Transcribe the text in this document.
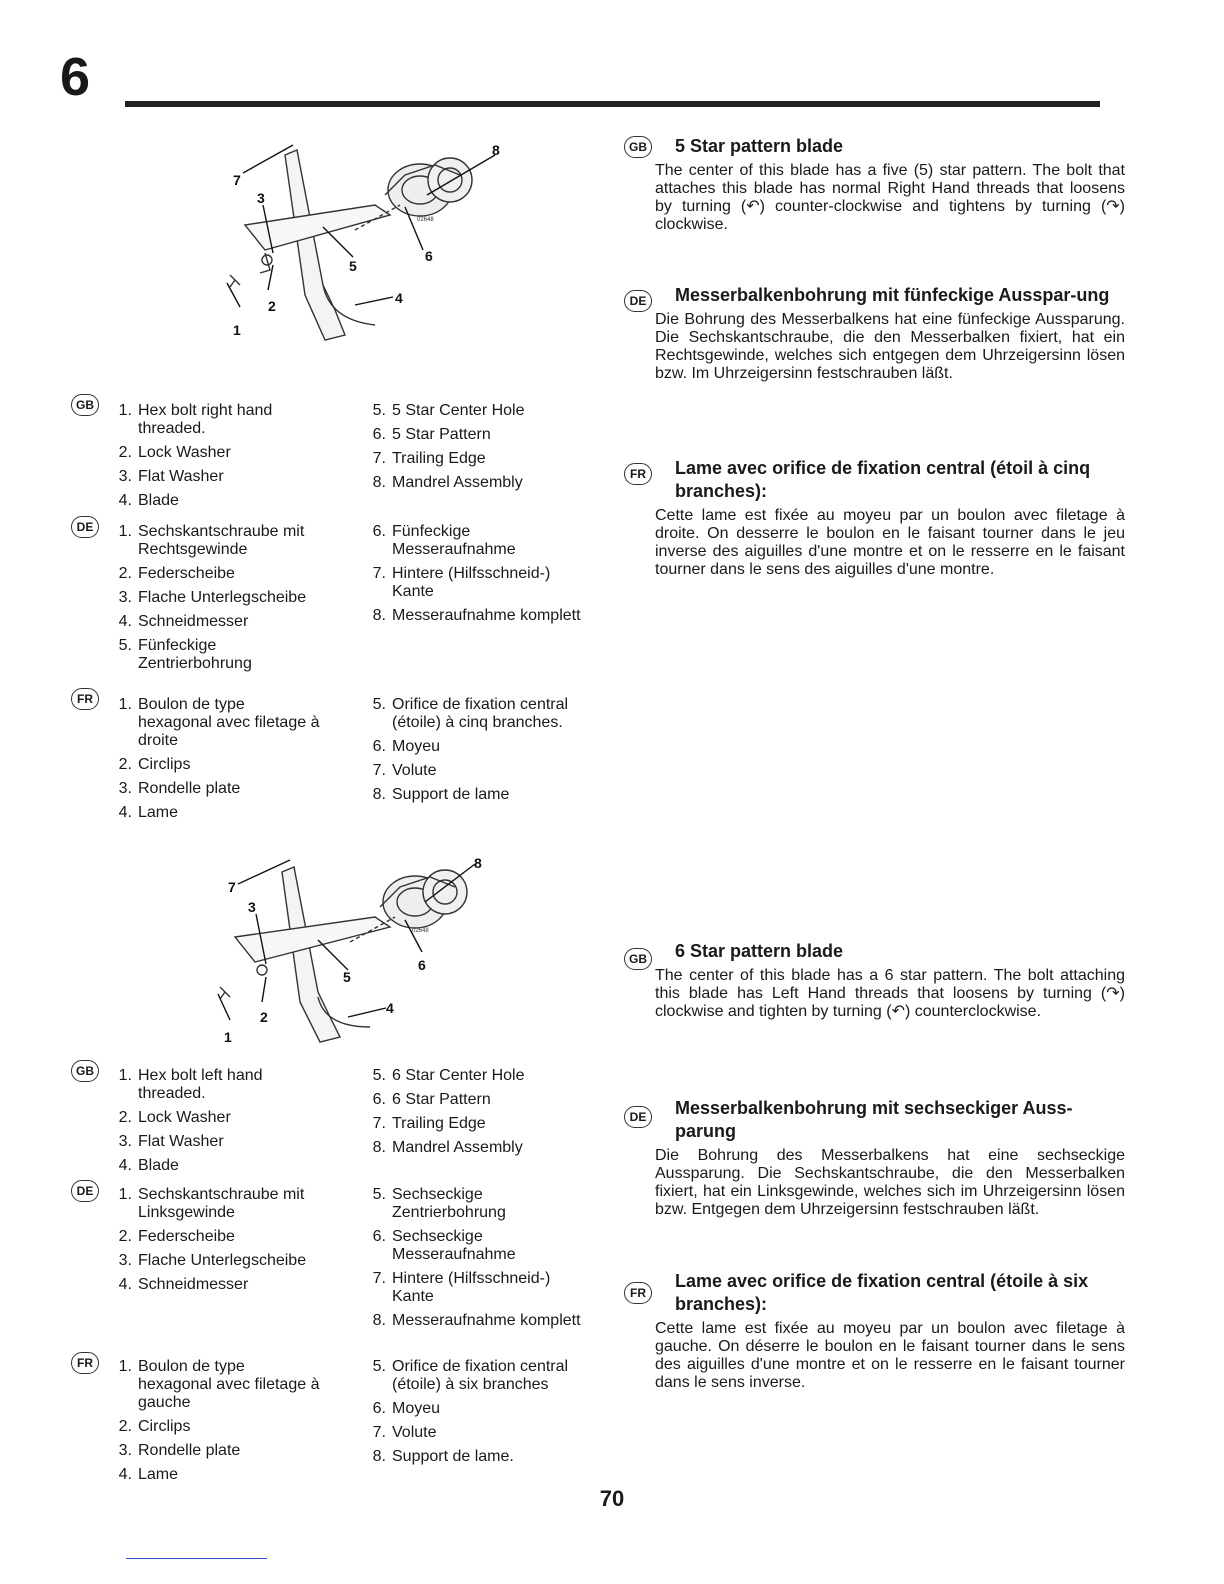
6
7
3
8
6
5
4
2
1
02648
7
3
8
6
5
4
2
1
02648
GB
DE
FR
GB
DE
FR
1. Hex bolt right hand threaded.
2. Lock Washer
3. Flat Washer
4. Blade
5. 5 Star Center Hole
6. 5 Star Pattern
7. Trailing Edge
8. Mandrel Assembly
1. Sechskantschraube mit Rechtsgewinde
2. Federscheibe
3. Flache Unterlegscheibe
4. Schneidmesser
5. Fünfeckige Zentrierbohrung
6. Fünfeckige Messeraufnahme
7. Hintere (Hilfsschneid-) Kante
8. Messeraufnahme komplett
1. Boulon de type hexagonal avec filetage à droite
2. Circlips
3. Rondelle plate
4. Lame
5. Orifice de fixation central (étoile) à cinq branches.
6. Moyeu
7. Volute
8. Support de lame
1. Hex bolt left hand threaded.
2. Lock Washer
3. Flat Washer
4. Blade
5. 6 Star Center Hole
6. 6 Star Pattern
7. Trailing Edge
8. Mandrel Assembly
1. Sechskantschraube mit Linksgewinde
2. Federscheibe
3. Flache Unterlegscheibe
4. Schneidmesser
5. Sechseckige Zentrierbohrung
6. Sechseckige Messeraufnahme
7. Hintere (Hilfsschneid-) Kante
8. Messeraufnahme komplett
1. Boulon de type hexagonal avec filetage à gauche
2. Circlips
3. Rondelle plate
4. Lame
5. Orifice de fixation central (étoile) à six branches
6. Moyeu
7. Volute
8. Support de lame.
GB	5 Star pattern blade

The center of this blade has a five (5) star pattern. The bolt that attaches this blade has normal Right Hand threads that loosens by turning (↶) counter-clockwise and tightens by turning (↷) clockwise.

DE	Messerbalkenbohrung mit fünfeckige Ausspar-ung

Die Bohrung des Messerbalkens hat eine fünfeckige Aussparung. Die Sechskantschraube, die den Messerbalken fixiert, hat ein Rechtsgewinde, welches sich entgegen dem Uhrzeigersinn lösen bzw. Im Uhrzeigersinn festschrauben läßt.

FR	Lame avec orifice de fixation central (étoil à cinq branches):

Cette lame est fixée au moyeu par un boulon avec filetage à droite. On desserre le boulon en le faisant tourner dans le jeu inverse des aiguilles d'une montre et on le resserre en le faisant tourner dans le sens des aiguilles d'une montre.

GB	6 Star pattern blade

The center of this blade has a 6 star pattern. The bolt attaching this blade has Left Hand threads that loosens by turning (↷) clockwise and tighten by turning (↶) counterclockwise.

DE	Messerbalkenbohrung mit sechseckiger Auss-parung

Die Bohrung des Messerbalkens hat eine sechseckige Aussparung. Die Sechskantschraube, die den Messerbalken fixiert, hat ein Linksgewinde, welches sich im Uhrzeigersinn lösen bzw. Entgegen dem Uhrzeigersinn festschrauben läßt.

FR
Lame avec orifice de fixation central (étoile à six branches):

Cette lame est fixée au moyeu par un boulon avec filetage à gauche. On déserre le boulon en le faisant tourner dans le sens des aiguilles d'une montre et on le resserre en le faisant tourner dans le sens inverse.

70
